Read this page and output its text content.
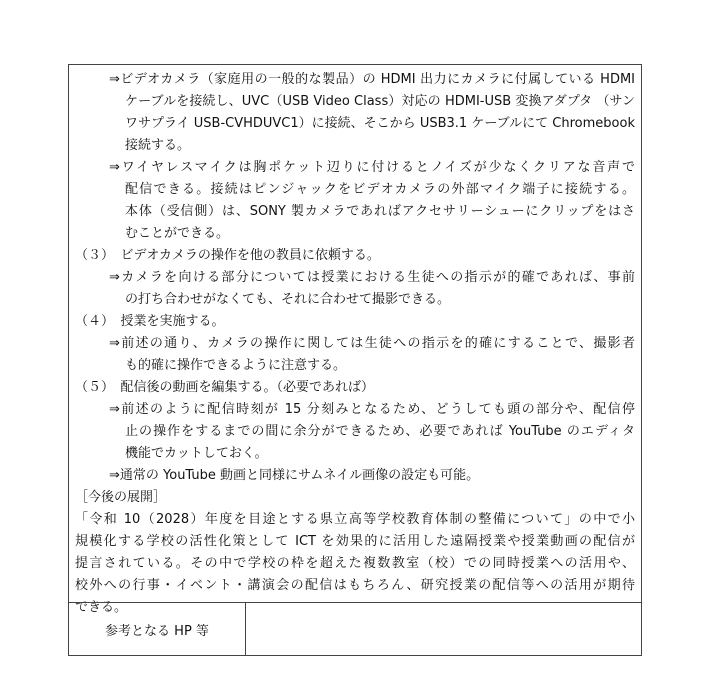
⇒ビデオカメラ（家庭用の一般的な製品）の HDMI 出力にカメラに付属している HDMI
ケーブルを接続し、UVC（USB Video Class）対応の HDMI-USB 変換アダプタ （サン
ワサプライ USB-CVHDUVC1）に接続、そこから USB3.1 ケーブルにて Chromebook
接続する。
⇒ワイヤレスマイクは胸ポケット辺りに付けるとノイズが少なくクリアな音声で
配信できる。接続はピンジャックをビデオカメラの外部マイク端子に接続する。
本体（受信側）は、SONY 製カメラであればアクセサリーシューにクリップをはさ
むことができる。
（３）　ビデオカメラの操作を他の教員に依頼する。
⇒カメラを向ける部分については授業における生徒への指示が的確であれば、事前
の打ち合わせがなくても、それに合わせて撮影できる。
（４）　授業を実施する。
⇒前述の通り、カメラの操作に関しては生徒への指示を的確にすることで、撮影者
も的確に操作できるように注意する。
（５）　配信後の動画を編集する。（必要であれば）
⇒前述のように配信時刻が 15 分刻みとなるため、どうしても頭の部分や、配信停
止の操作をするまでの間に余分ができるため、必要であれば YouTube のエディタ
機能でカットしておく。
⇒通常の YouTube 動画と同様にサムネイル画像の設定も可能。
［今後の展開］
「令和 10（2028）年度を目途とする県立高等学校教育体制の整備について」の中で小
規模化する学校の活性化策として ICT を効果的に活用した遠隔授業や授業動画の配信が
提言されている。その中で学校の枠を超えた複数教室（校）での同時授業への活用や、
校外への行事・イベント・講演会の配信はもちろん、研究授業の配信等への活用が期待
できる。
参考となる HP 等
